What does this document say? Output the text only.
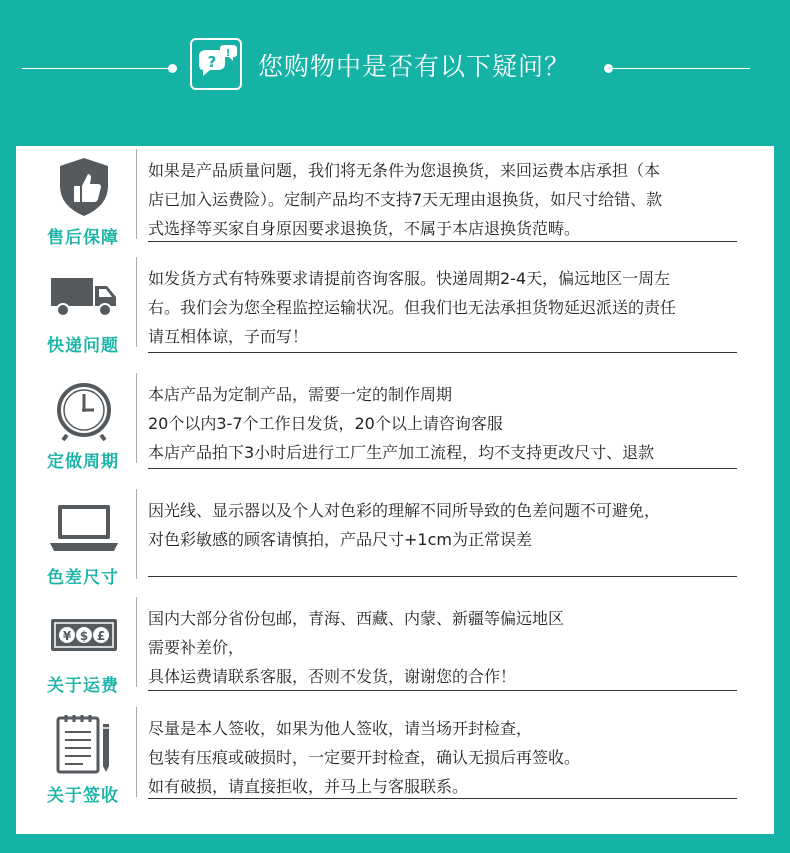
? ! 您购物中是否有以下疑问？
售后保障
如果是产品质量问题，我们将无条件为您退换货，来回运费本店承担（本
店已加入运费险）。定制产品均不支持7天无理由退换货，如尺寸给错、款
式选择等买家自身原因要求退换货，不属于本店退换货范畴。
快递问题
如发货方式有特殊要求请提前咨询客服。快递周期2-4天，偏远地区一周左
右。我们会为您全程监控运输状况。但我们也无法承担货物延迟派送的责任
请互相体谅，子而写！
定做周期
本店产品为定制产品，需要一定的制作周期
20个以内3-7个工作日发货，20个以上请咨询客服
本店产品拍下3小时后进行工厂生产加工流程，均不支持更改尺寸、退款
色差尺寸
因光线、显示器以及个人对色彩的理解不同所导致的色差问题不可避免，
对色彩敏感的顾客请慎拍，产品尺寸+1cm为正常误差
¥ $ £
关于运费
国内大部分省份包邮，青海、西藏、内蒙、新疆等偏远地区
需要补差价，
具体运费请联系客服，否则不发货，谢谢您的合作！
关于签收
尽量是本人签收，如果为他人签收，请当场开封检查，
包装有压痕或破损时，一定要开封检查，确认无损后再签收。
如有破损，请直接拒收，并马上与客服联系。
